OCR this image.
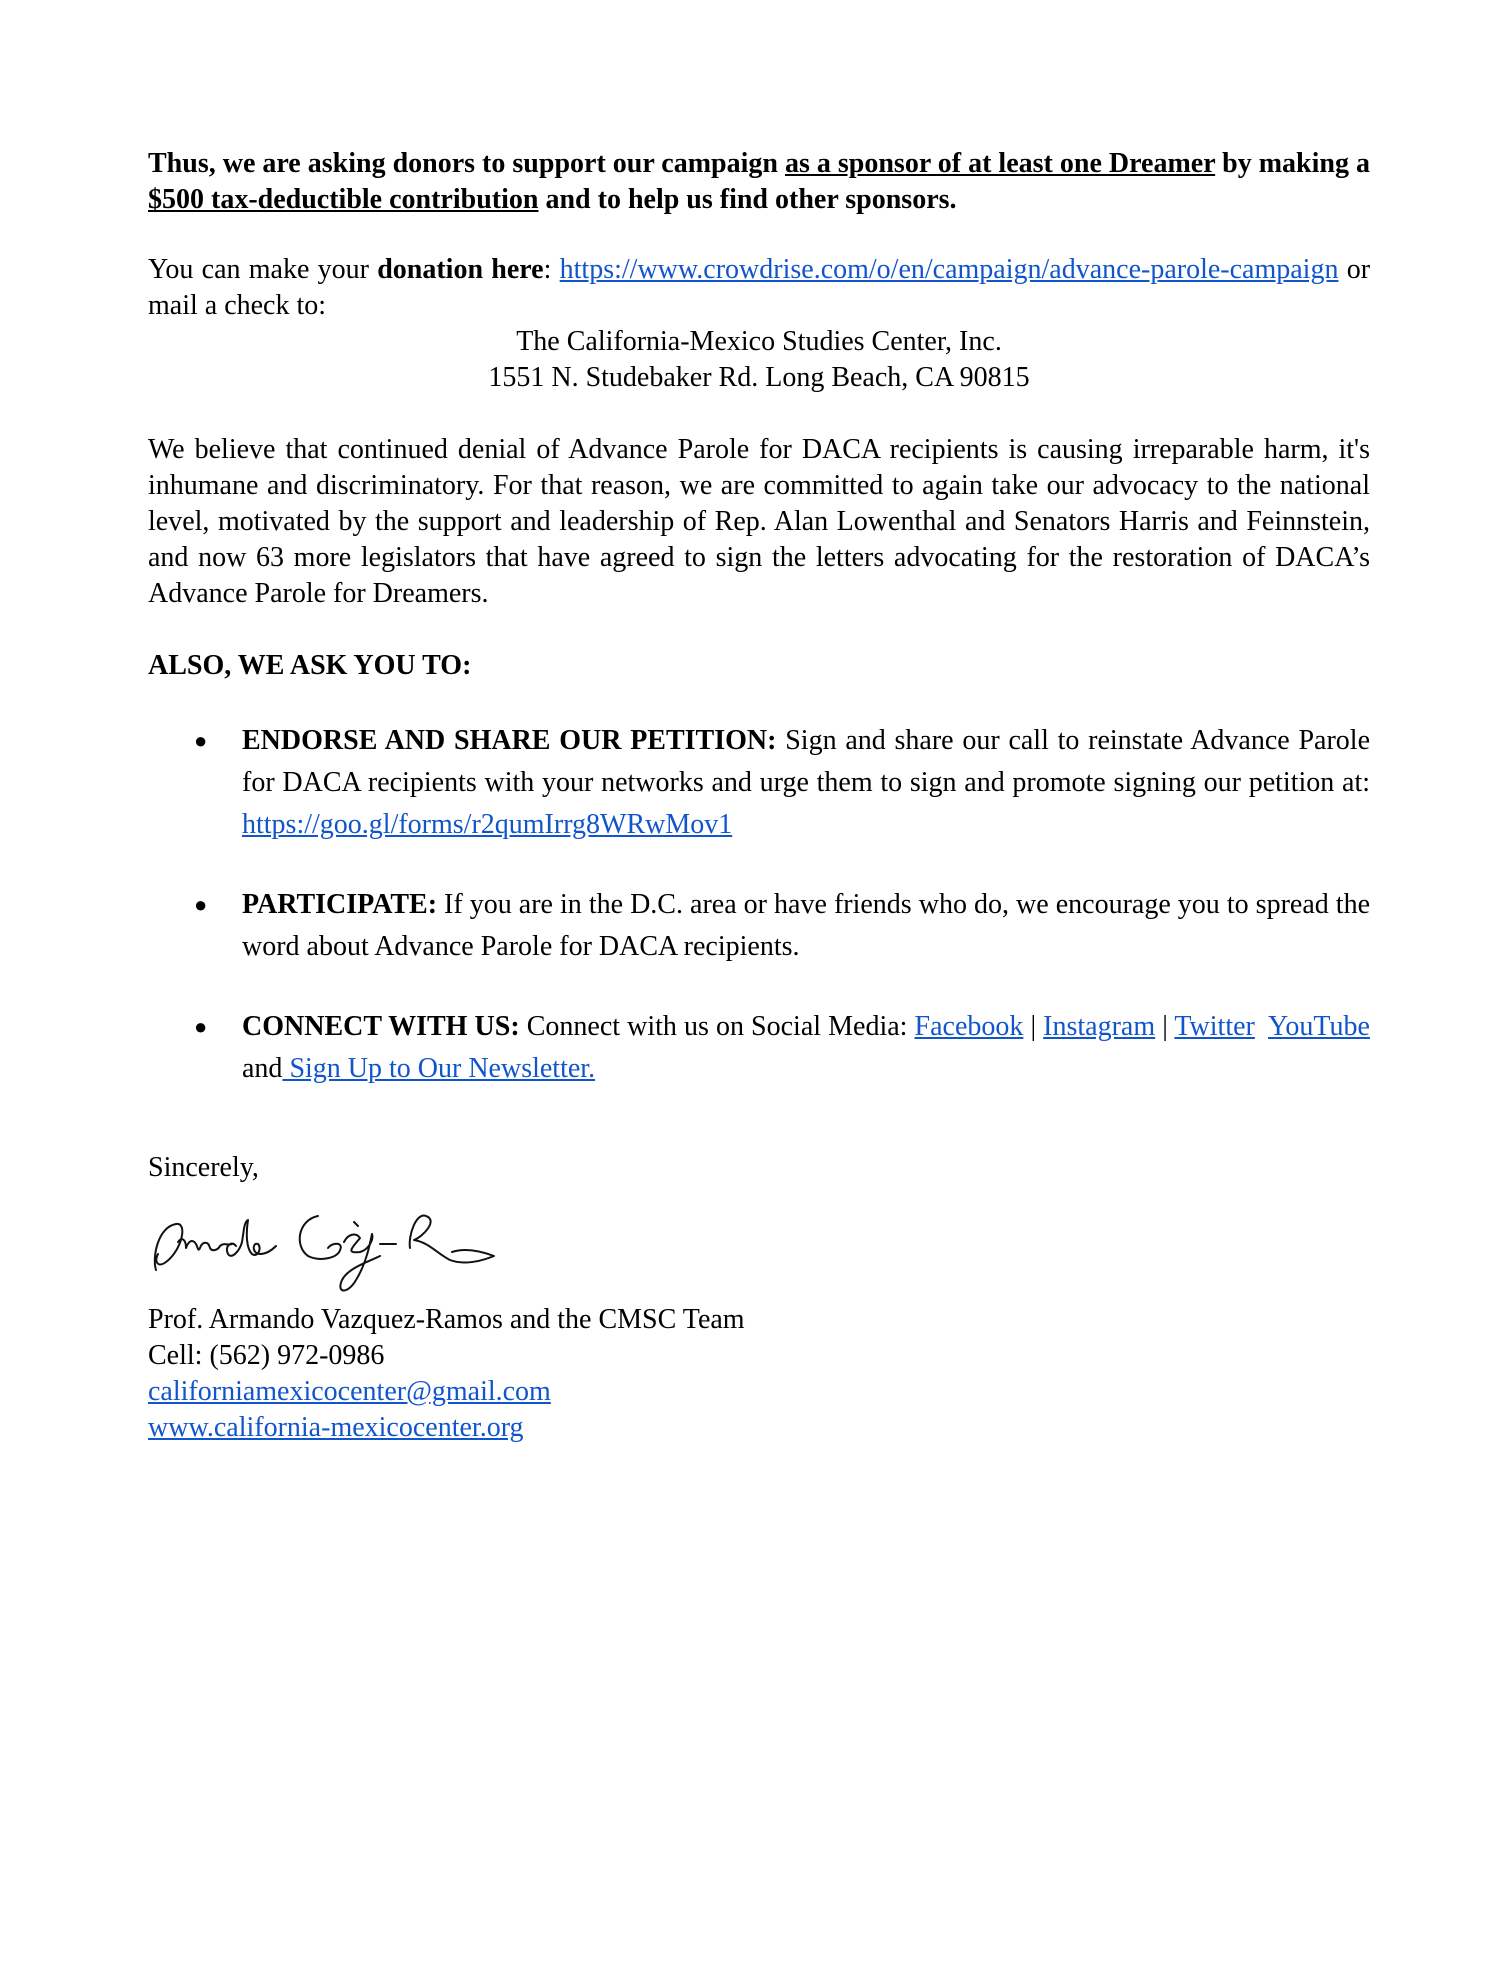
Thus, we are asking donors to support our campaign as a sponsor of at least one Dreamer by making a $500 tax-deductible contribution and to help us find other sponsors.

You can make your donation here: https://www.crowdrise.com/o/en/campaign/advance-parole-campaign or mail a check to:

The California-Mexico Studies Center, Inc.

1551 N. Studebaker Rd. Long Beach, CA 90815

We believe that continued denial of Advance Parole for DACA recipients is causing irreparable harm, it's inhumane and discriminatory. For that reason, we are committed to again take our advocacy to the national level, motivated by the support and leadership of Rep. Alan Lowenthal and Senators Harris and Feinnstein, and now 63 more legislators that have agreed to sign the letters advocating for the restoration of DACA’s Advance Parole for Dreamers.

ALSO, WE ASK YOU TO:

● ENDORSE AND SHARE OUR PETITION: Sign and share our call to reinstate Advance Parole for DACA recipients with your networks and urge them to sign and promote signing our petition at: https://goo.gl/forms/r2qumIrrg8WRwMov1
● PARTICIPATE: If you are in the D.C. area or have friends who do, we encourage you to spread the word about Advance Parole for DACA recipients.
● CONNECT WITH US: Connect with us on Social Media: Facebook | Instagram | Twitter YouTube and Sign Up to Our Newsletter.

Sincerely,

Prof. Armando Vazquez-Ramos and the CMSC Team

Cell: (562) 972-0986

californiamexicocenter@gmail.com

www.california-mexicocenter.org
